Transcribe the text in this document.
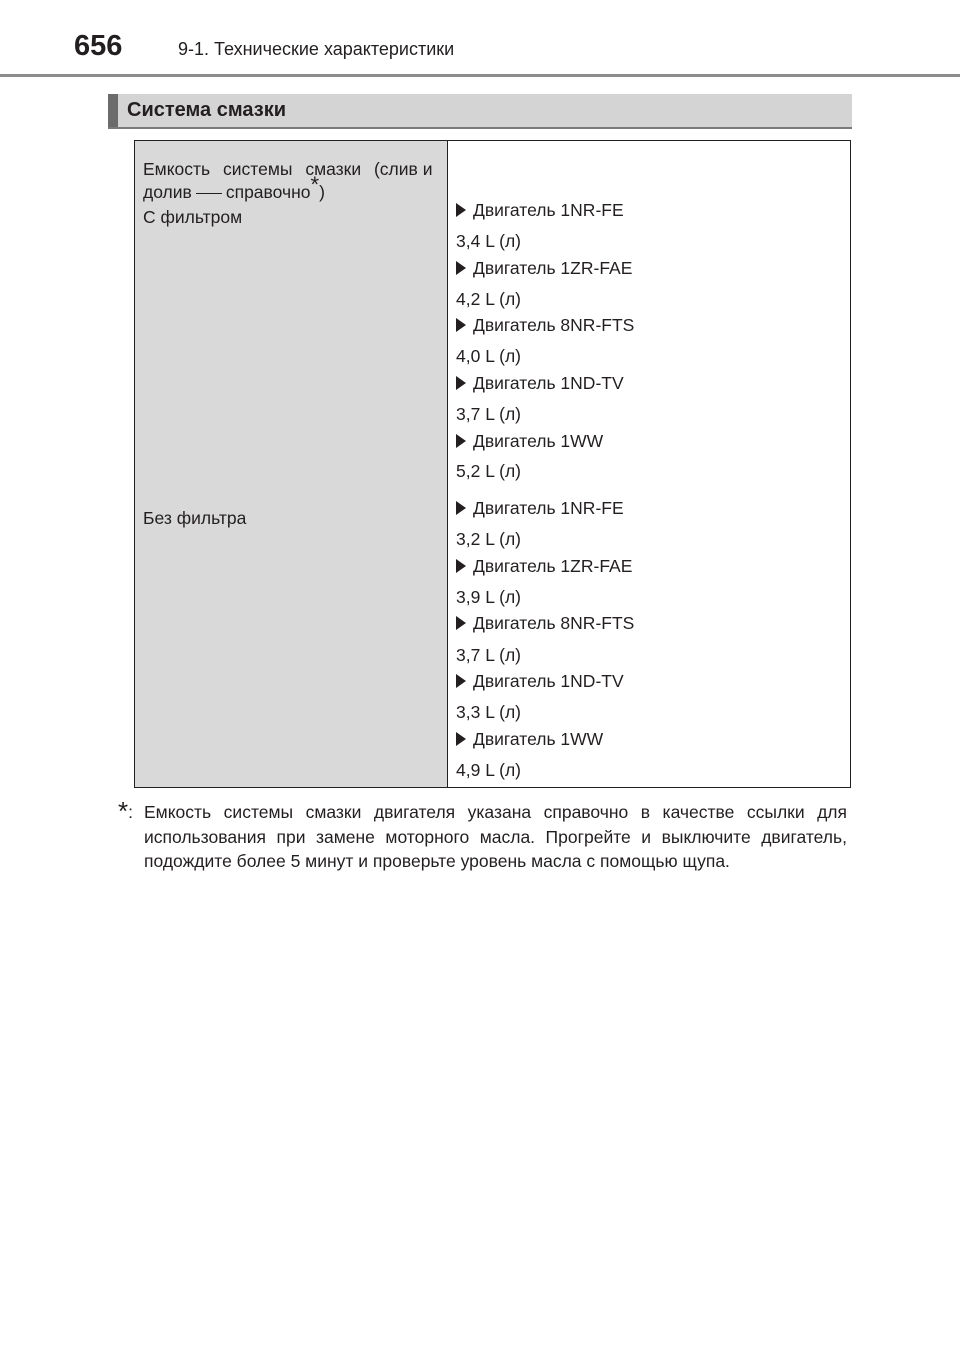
656	9-1. Технические характеристики
Система смазки
Емкость системы смазки (слив и
долив справочно*)
С фильтром
Без фильтра
Двигатель 1NR-FE
3,4 L (л)
Двигатель 1ZR-FAE
4,2 L (л)
Двигатель 8NR-FTS
4,0 L (л)
Двигатель 1ND-TV
3,7 L (л)
Двигатель 1WW
5,2 L (л)
Двигатель 1NR-FE
3,2 L (л)
Двигатель 1ZR-FAE
3,9 L (л)
Двигатель 8NR-FTS
3,7 L (л)
Двигатель 1ND-TV
3,3 L (л)
Двигатель 1WW
4,9 L (л)
*: Емкость системы смазки двигателя указана справочно в качестве ссылки для использования при замене моторного масла. Прогрейте и выключите двигатель, подождите более 5 минут и проверьте уровень масла с помощью щупа.
